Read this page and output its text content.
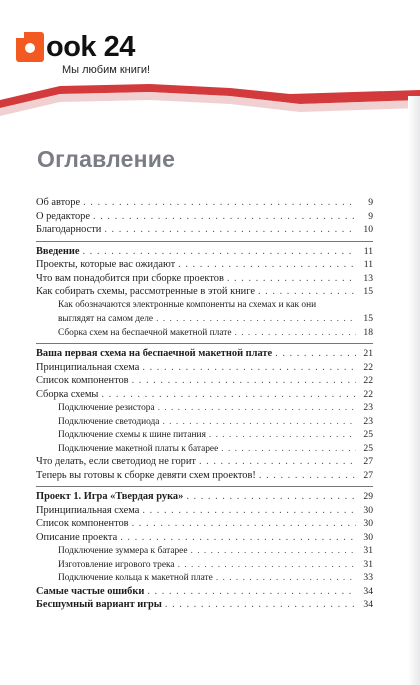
ook 24
Мы любим книги!
Оглавление
Об авторе . . .	9
О редакторе . . .	9
Благодарности . . .	10
Введение . . .	11
Проекты, которые вас ожидают . . .	11
Что вам понадобится при сборке проектов . . .	13
Как собирать схемы, рассмотренные в этой книге . . .	15
Как обозначаются электронные компоненты на схемах и как они
выглядят на самом деле . . .	15
Сборка схем на беспаечной макетной плате . . .	18
Ваша первая схема на беспаечной макетной плате . . .	21
Принципиальная схема . . .	22
Список компонентов . . .	22
Сборка схемы . . .	22
Подключение резистора . . .	23
Подключение светодиода . . .	23
Подключение схемы к шине питания . . .	25
Подключение макетной платы к батарее . . .	25
Что делать, если светодиод не горит . . .	27
Теперь вы готовы к сборке девяти схем проектов! . . .	27
Проект 1. Игра «Твердая рука» . . .	29
Принципиальная схема . . .	30
Список компонентов . . .	30
Описание проекта . . .	30
Подключение зуммера к батарее . . .	31
Изготовление игрового трека . . .	31
Подключение кольца к макетной плате . . .	33
Самые частые ошибки . . .	34
Бесшумный вариант игры . . .	34
